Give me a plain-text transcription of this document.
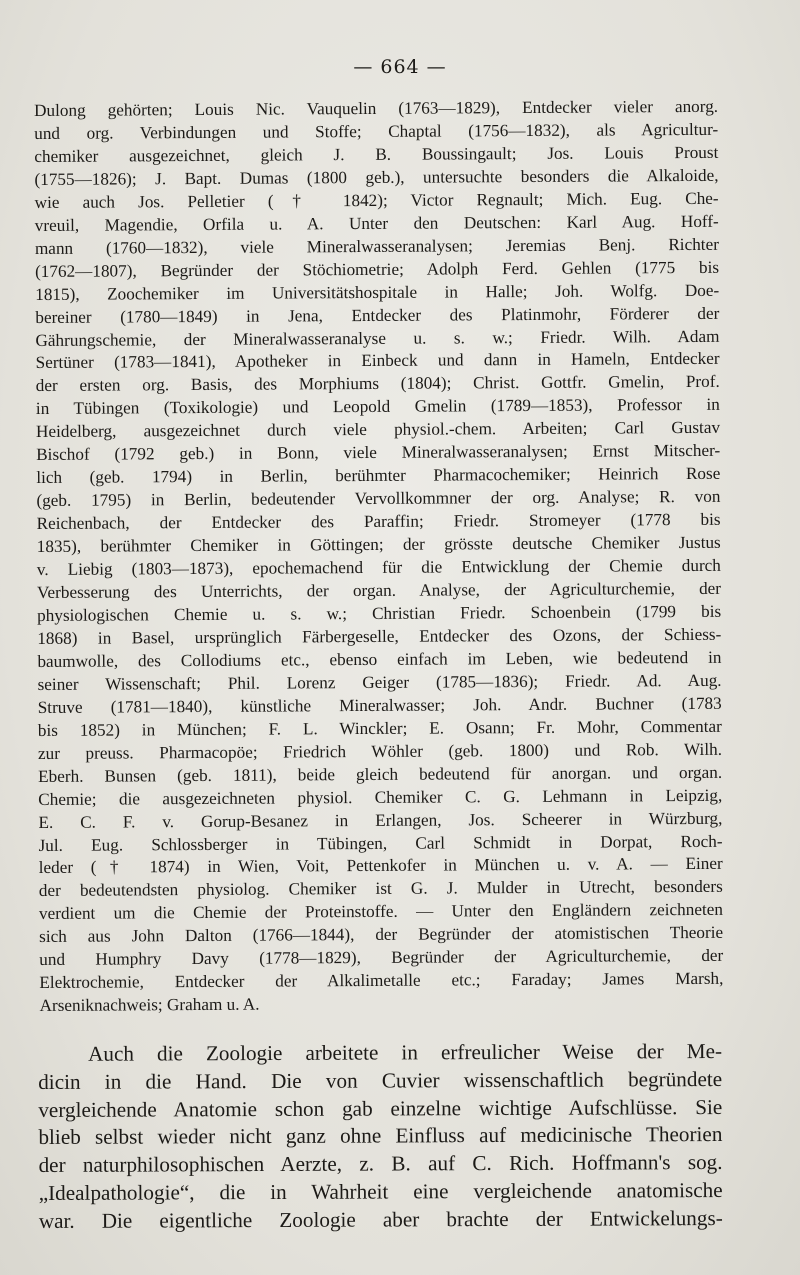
— 664 —
Dulong gehörten; Louis Nic. Vauquelin (1763—1829), Entdecker vieler anorg.
und org. Verbindungen und Stoffe; Chaptal (1756—1832), als Agricultur-
chemiker ausgezeichnet, gleich J. B. Boussingault; Jos. Louis Proust
(1755—1826); J. Bapt. Dumas (1800 geb.), untersuchte besonders die Alkaloide,
wie auch Jos. Pelletier († 1842); Victor Regnault; Mich. Eug. Che-
vreuil, Magendie, Orfila u. A. Unter den Deutschen: Karl Aug. Hoff-
mann (1760—1832), viele Mineralwasseranalysen; Jeremias Benj. Richter
(1762—1807), Begründer der Stöchiometrie; Adolph Ferd. Gehlen (1775 bis
1815), Zoochemiker im Universitätshospitale in Halle; Joh. Wolfg. Doe-
bereiner (1780—1849) in Jena, Entdecker des Platinmohr, Förderer der
Gährungschemie, der Mineralwasseranalyse u. s. w.; Friedr. Wilh. Adam
Sertüner (1783—1841), Apotheker in Einbeck und dann in Hameln, Entdecker
der ersten org. Basis, des Morphiums (1804); Christ. Gottfr. Gmelin, Prof.
in Tübingen (Toxikologie) und Leopold Gmelin (1789—1853), Professor in
Heidelberg, ausgezeichnet durch viele physiol.-chem. Arbeiten; Carl Gustav
Bischof (1792 geb.) in Bonn, viele Mineralwasseranalysen; Ernst Mitscher-
lich (geb. 1794) in Berlin, berühmter Pharmacochemiker; Heinrich Rose
(geb. 1795) in Berlin, bedeutender Vervollkommner der org. Analyse; R. von
Reichenbach, der Entdecker des Paraffin; Friedr. Stromeyer (1778 bis
1835), berühmter Chemiker in Göttingen; der grösste deutsche Chemiker Justus
v. Liebig (1803—1873), epochemachend für die Entwicklung der Chemie durch
Verbesserung des Unterrichts, der organ. Analyse, der Agriculturchemie, der
physiologischen Chemie u. s. w.; Christian Friedr. Schoenbein (1799 bis
1868) in Basel, ursprünglich Färbergeselle, Entdecker des Ozons, der Schiess-
baumwolle, des Collodiums etc., ebenso einfach im Leben, wie bedeutend in
seiner Wissenschaft; Phil. Lorenz Geiger (1785—1836); Friedr. Ad. Aug.
Struve (1781—1840), künstliche Mineralwasser; Joh. Andr. Buchner (1783
bis 1852) in München; F. L. Winckler; E. Osann; Fr. Mohr, Commentar
zur preuss. Pharmacopöe; Friedrich Wöhler (geb. 1800) und Rob. Wilh.
Eberh. Bunsen (geb. 1811), beide gleich bedeutend für anorgan. und organ.
Chemie; die ausgezeichneten physiol. Chemiker C. G. Lehmann in Leipzig,
E. C. F. v. Gorup-Besanez in Erlangen, Jos. Scheerer in Würzburg,
Jul. Eug. Schlossberger in Tübingen, Carl Schmidt in Dorpat, Roch-
leder († 1874) in Wien, Voit, Pettenkofer in München u. v. A. — Einer
der bedeutendsten physiolog. Chemiker ist G. J. Mulder in Utrecht, besonders
verdient um die Chemie der Proteinstoffe. — Unter den Engländern zeichneten
sich aus John Dalton (1766—1844), der Begründer der atomistischen Theorie
und Humphry Davy (1778—1829), Begründer der Agriculturchemie, der
Elektrochemie, Entdecker der Alkalimetalle etc.; Faraday; James Marsh,
Arseniknachweis; Graham u. A.
Auch die Zoologie arbeitete in erfreulicher Weise der Me-
dicin in die Hand. Die von Cuvier wissenschaftlich begründete
vergleichende Anatomie schon gab einzelne wichtige Aufschlüsse. Sie
blieb selbst wieder nicht ganz ohne Einfluss auf medicinische Theorien
der naturphilosophischen Aerzte, z. B. auf C. Rich. Hoffmann's sog.
„Idealpathologie“, die in Wahrheit eine vergleichende anatomische
war. Die eigentliche Zoologie aber brachte der Entwickelungs-
